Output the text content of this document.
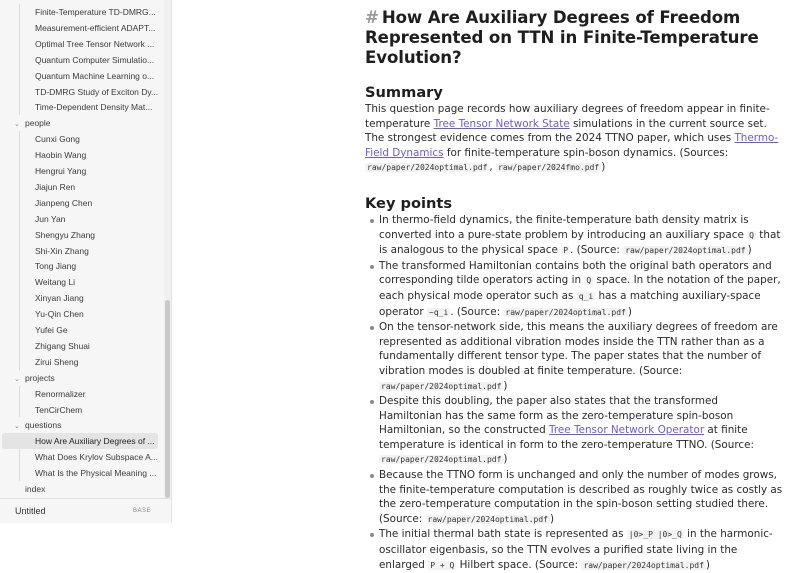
Finite-Temperature TD-DMRG...
Measurement-efficient ADAPT...
Optimal Tree Tensor Network ...
Quantum Computer Simulatio...
Quantum Machine Learning o...
TD-DMRG Study of Exciton Dy...
Time-Dependent Density Mat...
⌄ people
Cunxi Gong
Haobin Wang
Hengrui Yang
Jiajun Ren
Jianpeng Chen
Jun Yan
Shengyu Zhang
Shi-Xin Zhang
Tong Jiang
Weitang Li
Xinyan Jiang
Yu-Qin Chen
Yufei Ge
Zhigang Shuai
Zirui Sheng
⌄ projects
Renormalizer
TenCirChem
⌄ questions
How Are Auxiliary Degrees of ...
What Does Krylov Subspace A...
What Is the Physical Meaning ...
index
Untitled	BASE
# How Are Auxiliary Degrees of Freedom Represented on TTN in Finite-Temperature Evolution?
Summary

This question page records how auxiliary degrees of freedom appear in finite-temperature Tree Tensor Network State simulations in the current source set. The strongest evidence comes from the 2024 TTNO paper, which uses Thermo-Field Dynamics for finite-temperature spin-boson dynamics. (Sources: raw/paper/2024optimal.pdf , raw/paper/2024fmo.pdf )

Key points
In thermo-field dynamics, the finite-temperature bath density matrix is converted into a pure-state problem by introducing an auxiliary space Q that is analogous to the physical space P . (Source: raw/paper/2024optimal.pdf )
The transformed Hamiltonian contains both the original bath operators and corresponding tilde operators acting in Q space. In the notation of the paper, each physical mode operator such as q_i has a matching auxiliary-space operator ~q_i . (Source: raw/paper/2024optimal.pdf )
On the tensor-network side, this means the auxiliary degrees of freedom are represented as additional vibration modes inside the TTN rather than as a fundamentally different tensor type. The paper states that the number of vibration modes is doubled at finite temperature. (Source: raw/paper/2024optimal.pdf )
Despite this doubling, the paper also states that the transformed Hamiltonian has the same form as the zero-temperature spin-boson Hamiltonian, so the constructed Tree Tensor Network Operator at finite temperature is identical in form to the zero-temperature TTNO. (Source: raw/paper/2024optimal.pdf )
Because the TTNO form is unchanged and only the number of modes grows, the finite-temperature computation is described as roughly twice as costly as the zero-temperature computation in the spin-boson setting studied there. (Source: raw/paper/2024optimal.pdf )
The initial thermal bath state is represented as |0>_P |0>_Q in the harmonic-oscillator eigenbasis, so the TTN evolves a purified state living in the enlarged P + Q Hilbert space. (Source: raw/paper/2024optimal.pdf )
